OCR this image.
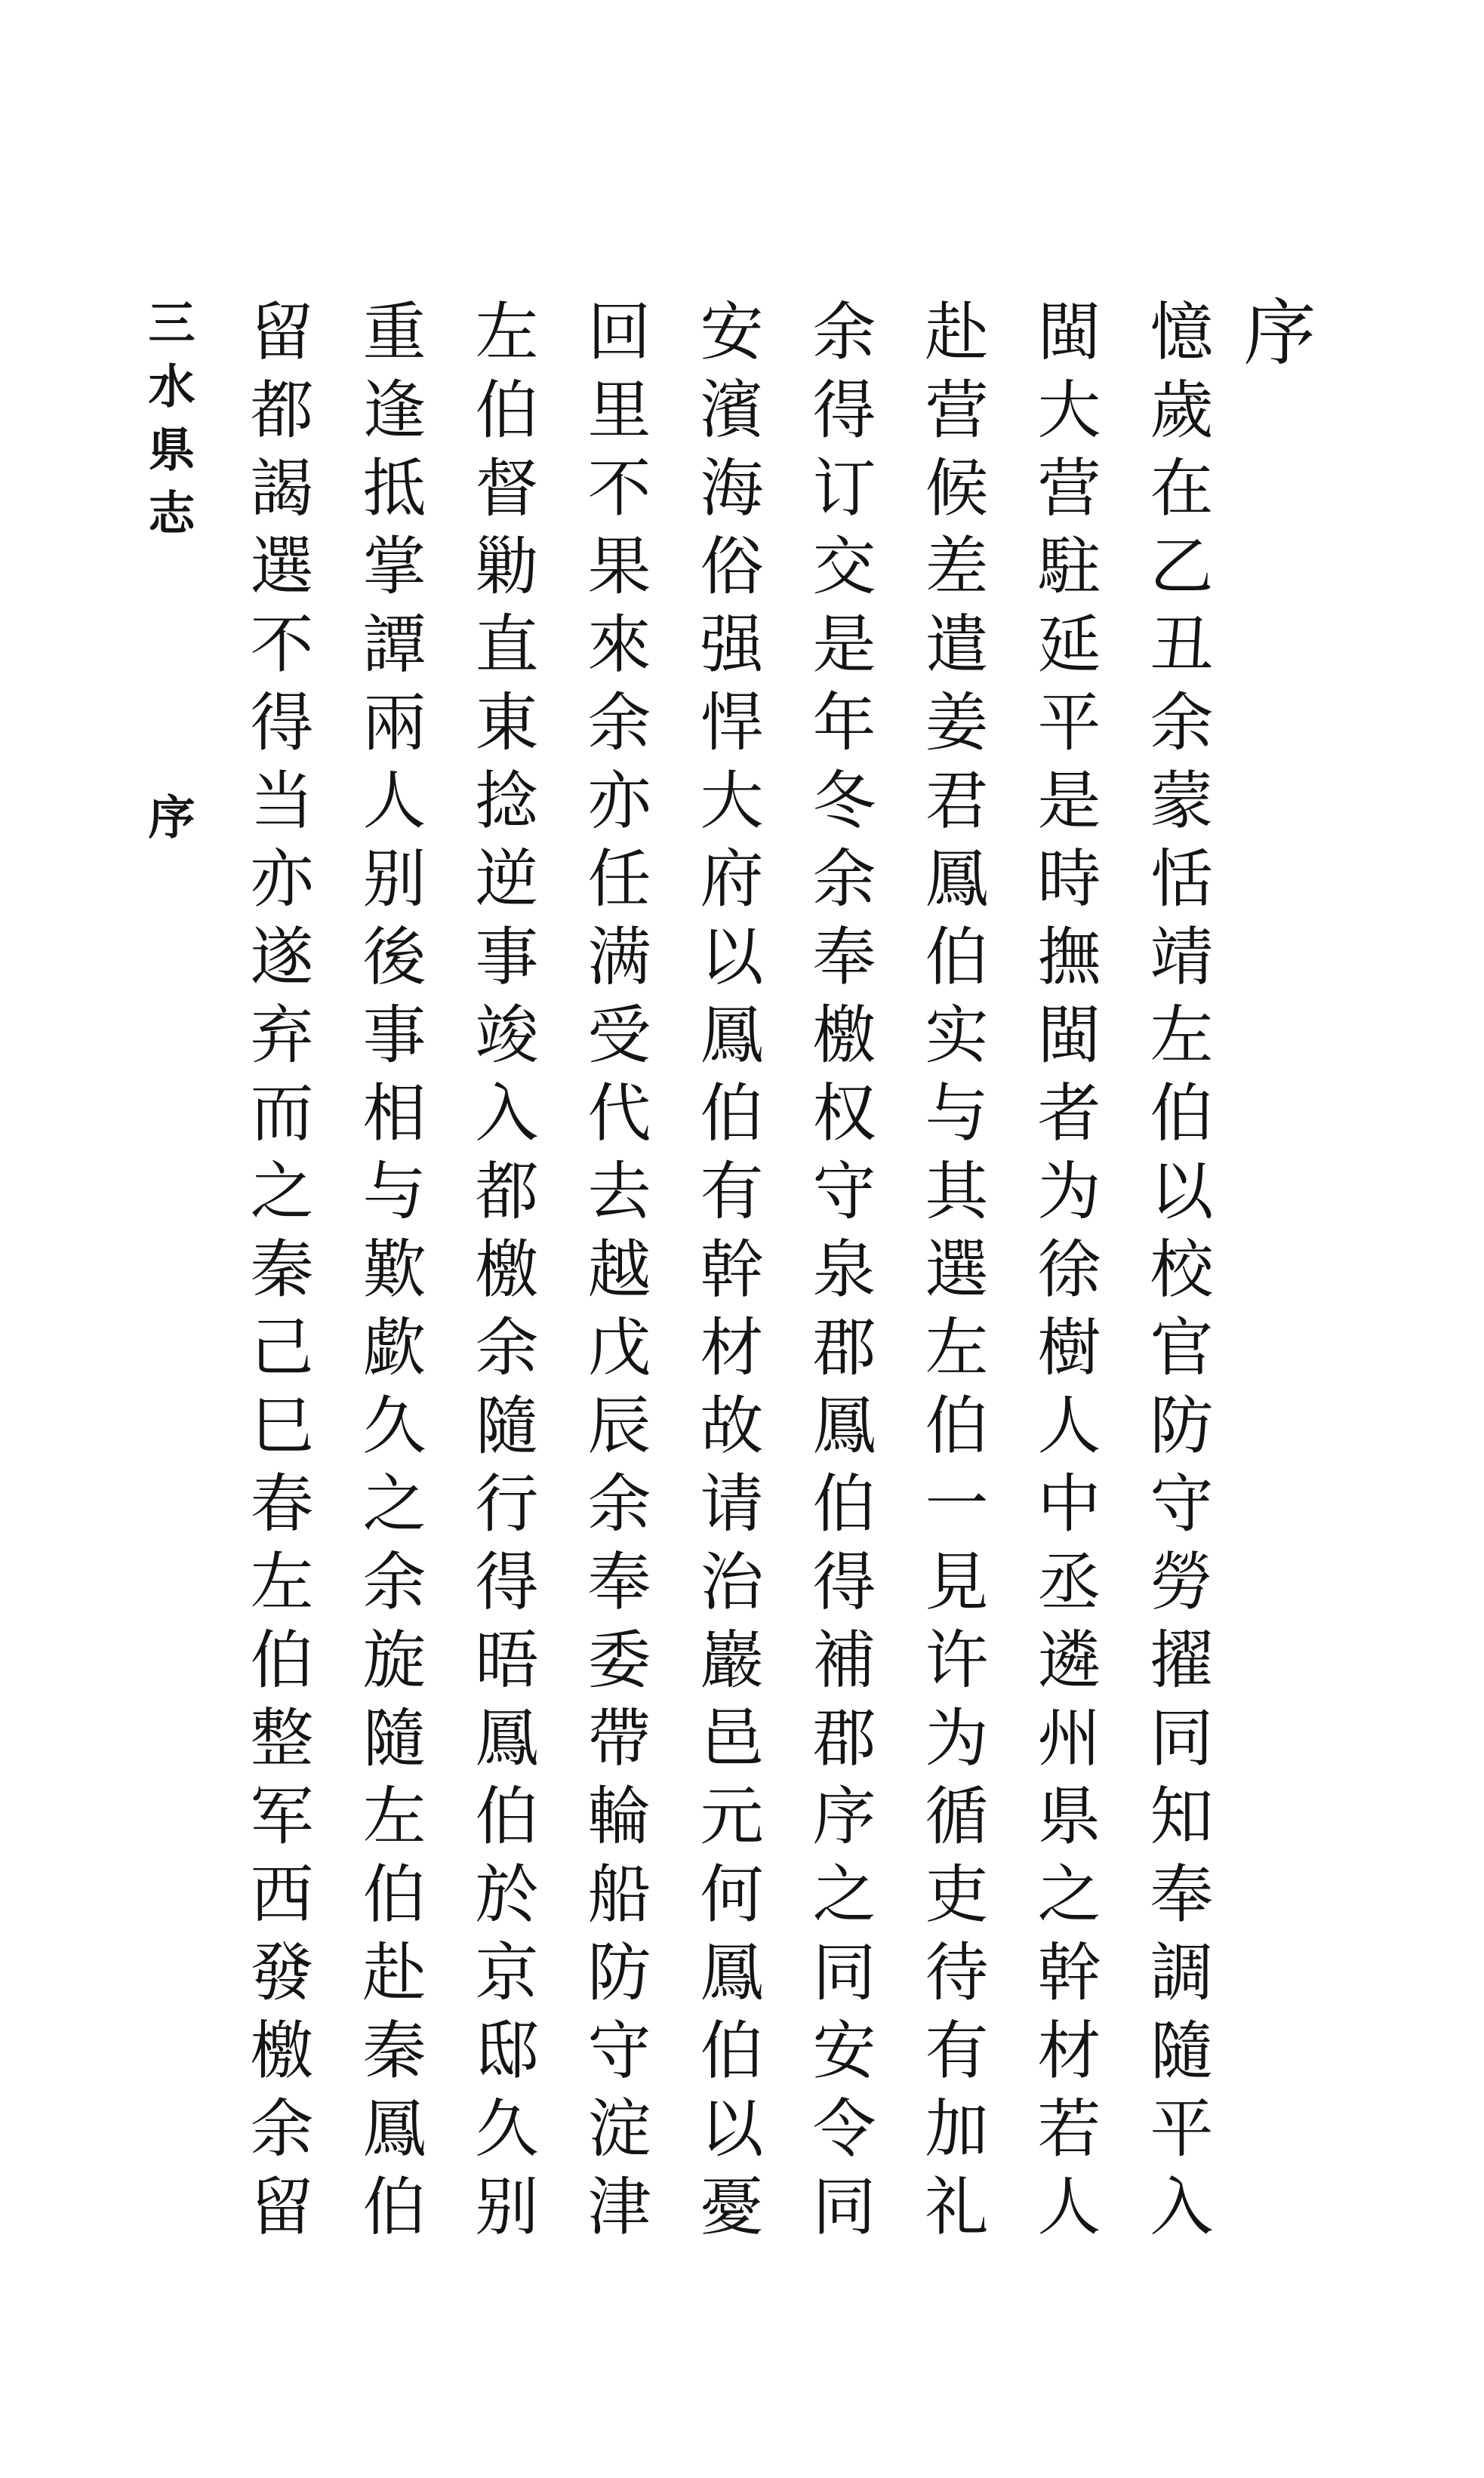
序
憶歲在乙丑余蒙恬靖左伯以校官防守勞擢同知奉調隨平入
閩大营駐延平是時撫閩者为徐樹人中丞遴州県之幹材若人
赴营候差遣姜君鳳伯实与其選左伯一見许为循吏待有加礼
余得订交是年冬余奉檄权守泉郡鳳伯得補郡序之同安令同
安濱海俗强悍大府以鳳伯有幹材故请治巖邑元何鳳伯以憂
回里不果來余亦任满受代去越戊辰余奉委帶輪船防守淀津
左伯督勦直東捻逆事竣入都檄余隨行得晤鳳伯於京邸久别
重逢抵掌譚兩人别後事相与歎歔久之余旋隨左伯赴秦鳳伯
留都謁選不得当亦遂弃而之秦己巳春左伯整军西發檄余留
三水県志
序
